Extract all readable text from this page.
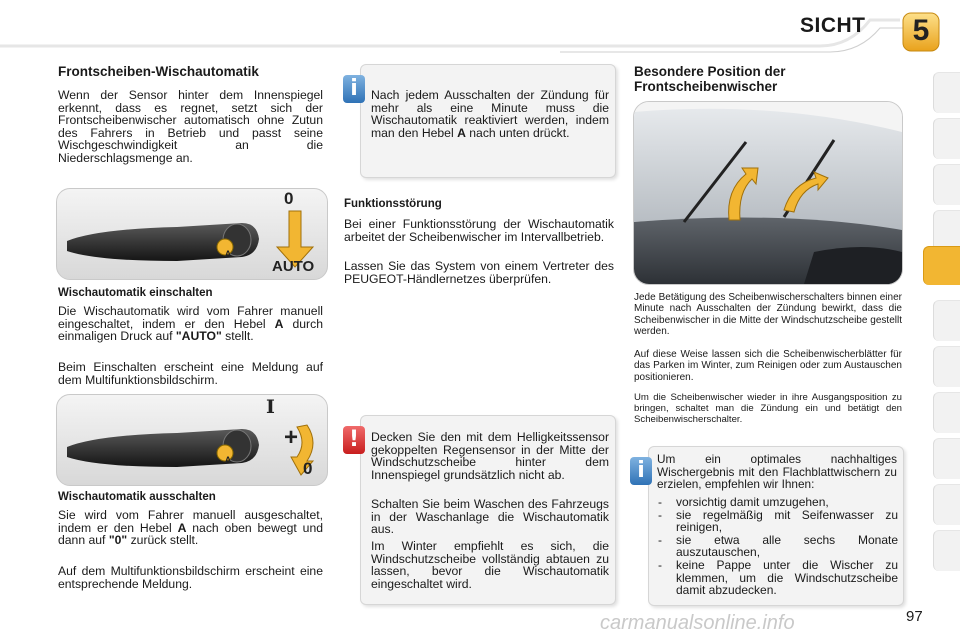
SICHT	5
Frontscheiben-Wischautomatik

Wenn der Sensor hinter dem Innenspiegel erkennt, dass es regnet, setzt sich der Frontscheibenwischer automatisch ohne Zutun des Fahrers in Betrieb und passt seine Wischgeschwindigkeit an die Niederschlagsmenge an.

A
0
AUTO
Wischautomatik einschalten

Die Wischautomatik wird vom Fahrer manuell eingeschaltet, indem er den Hebel A durch einmaligen Druck auf "AUTO" stellt.

Beim Einschalten erscheint eine Meldung auf dem Multifunktionsbildschirm.

A
I
+
0
Wischautomatik ausschalten

Sie wird vom Fahrer manuell ausgeschaltet, indem er den Hebel A nach oben bewegt und dann auf "0" zurück stellt.

Auf dem Multifunktionsbildschirm erscheint eine entsprechende Meldung.

i	Nach jedem Ausschalten der Zündung für mehr als eine Minute muss die Wischautomatik reaktiviert werden, indem man den Hebel A nach unten drückt.

Funktionsstörung

Bei einer Funktionsstörung der Wischautomatik arbeitet der Scheibenwischer im Intervallbetrieb.

Lassen Sie das System von einem Vertreter des PEUGEOT-Händlernetzes überprüfen.

! Decken Sie den mit dem Helligkeitssensor gekoppelten Regensensor in der Mitte der Windschutzscheibe hinter dem Innenspiegel grundsätzlich nicht ab.

Schalten Sie beim Waschen des Fahrzeugs in der Waschanlage die Wischautomatik aus.

Im Winter empfiehlt es sich, die Windschutzscheibe vollständig abtauen zu lassen, bevor die Wischautomatik eingeschaltet wird.

Besondere Position der
Frontscheibenwischer

Jede Betätigung des Scheibenwischerschalters binnen einer Minute nach Ausschalten der Zündung bewirkt, dass die Scheibenwischer in die Mitte der Windschutzscheibe gestellt werden.

Auf diese Weise lassen sich die Scheibenwischerblätter für das Parken im Winter, zum Reinigen oder zum Austauschen positionieren.

Um die Scheibenwischer wieder in ihre Ausgangsposition zu bringen, schaltet man die Zündung ein und betätigt den Scheibenwischerschalter.

i	Um ein optimales nachhaltiges Wischergebnis mit den Flachblattwischern zu erzielen, empfehlen wir Ihnen:

- vorsichtig damit umzugehen,
- sie regelmäßig mit Seifenwasser zu reinigen,
- sie etwa alle sechs Monate auszutauschen,
- keine Pappe unter die Wischer zu klemmen, um die Windschutzscheibe damit abzudecken.
carmanualsonline.info	97
